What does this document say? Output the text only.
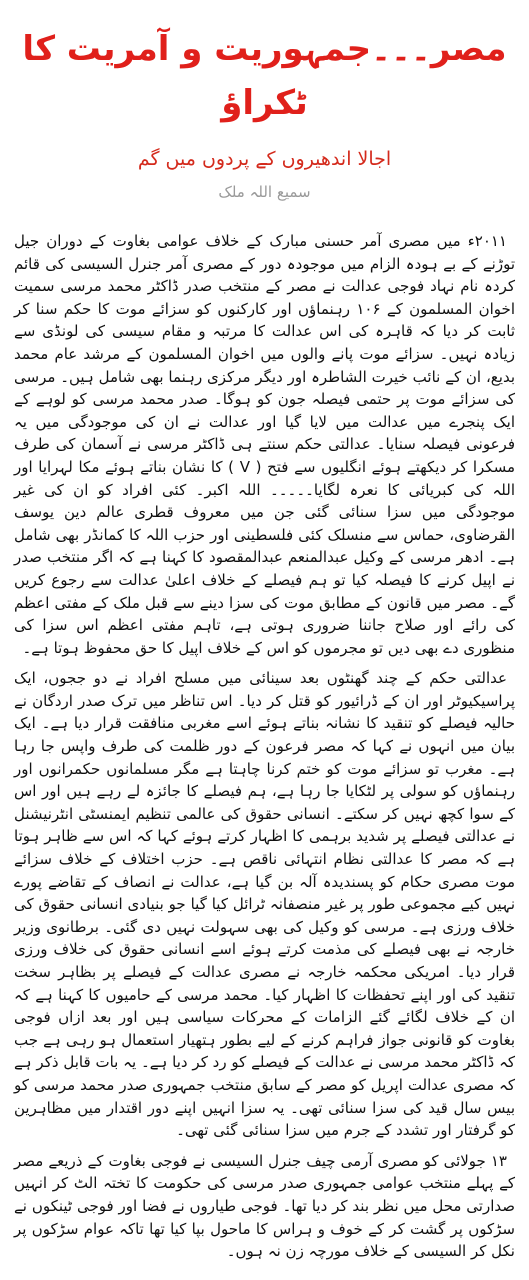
مصر۔۔۔جمہوریت و آمریت کا ٹکراؤ
اجالا اندھیروں کے پردوں میں گم
سمیع اللہ ملک

۲۰۱۱ء میں مصری آمر حسنی مبارک کے خلاف عوامی بغاوت کے دوران جیل توڑنے کے بے ہودہ الزام میں موجودہ دور کے مصری آمر جنرل السیسی کی قائم کردہ نام نہاد فوجی عدالت نے مصر کے منتخب صدر ڈاکٹر محمد مرسی سمیت اخوان المسلمون کے ۱۰۶ رہنماؤں اور کارکنوں کو سزائے موت کا حکم سنا کر ثابت کر دیا کہ قاہرہ کی اس عدالت کا مرتبہ و مقام سیسی کی لونڈی سے زیادہ نہیں۔ سزائے موت پانے والوں میں اخوان المسلمون کے مرشد عام محمد بدیع، ان کے نائب خیرت الشاطرہ اور دیگر مرکزی رہنما بھی شامل ہیں۔ مرسی کی سزائے موت پر حتمی فیصلہ جون کو ہوگا۔ صدر محمد مرسی کو لوہے کے ایک پنجرے میں عدالت میں لایا گیا اور عدالت نے ان کی موجودگی میں یہ فرعونی فیصلہ سنایا۔ عدالتی حکم سنتے ہی ڈاکٹر مرسی نے آسمان کی طرف مسکرا کر دیکھتے ہوئے انگلیوں سے فتح ( V ) کا نشان بناتے ہوئے مکا لہرایا اور اللہ کی کبریائی کا نعرہ لگایا۔۔۔۔۔ اللہ اکبر۔ کئی افراد کو ان کی غیر موجودگی میں سزا سنائی گئی جن میں معروف قطری عالم دین یوسف القرضاوی، حماس سے منسلک کئی فلسطینی اور حزب اللہ کا کمانڈر بھی شامل ہے۔ ادھر مرسی کے وکیل عبدالمنعم عبدالمقصود کا کہنا ہے کہ اگر منتخب صدر نے اپیل کرنے کا فیصلہ کیا تو ہم فیصلے کے خلاف اعلیٰ عدالت سے رجوع کریں گے۔ مصر میں قانون کے مطابق موت کی سزا دینے سے قبل ملک کے مفتی اعظم کی رائے اور صلاح جاننا ضروری ہوتی ہے، تاہم مفتی اعظم اس سزا کی منظوری دے بھی دیں تو مجرموں کو اس کے خلاف اپیل کا حق محفوظ ہوتا ہے۔

عدالتی حکم کے چند گھنٹوں بعد سینائی میں مسلح افراد نے دو ججوں، ایک پراسیکیوٹر اور ان کے ڈرائیور کو قتل کر دیا۔ اس تناظر میں ترک صدر اردگان نے حالیہ فیصلے کو تنقید کا نشانہ بناتے ہوئے اسے مغربی منافقت قرار دیا ہے۔ ایک بیان میں انہوں نے کہا کہ مصر فرعون کے دور ظلمت کی طرف واپس جا رہا ہے۔ مغرب تو سزائے موت کو ختم کرنا چاہتا ہے مگر مسلمانوں حکمرانوں اور رہنماؤں کو سولی پر لٹکایا جا رہا ہے، ہم فیصلے کا جائزہ لے رہے ہیں اور اس کے سوا کچھ نہیں کر سکتے۔ انسانی حقوق کی عالمی تنظیم ایمنسٹی انٹرنیشنل نے عدالتی فیصلے پر شدید برہمی کا اظہار کرتے ہوئے کہا کہ اس سے ظاہر ہوتا ہے کہ مصر کا عدالتی نظام انتہائی ناقص ہے۔ حزب اختلاف کے خلاف سزائے موت مصری حکام کو پسندیدہ آلہ بن گیا ہے، عدالت نے انصاف کے تقاضے پورے نہیں کیے مجموعی طور پر غیر منصفانہ ٹرائل کیا گیا جو بنیادی انسانی حقوق کی خلاف ورزی ہے۔ مرسی کو وکیل کی بھی سہولت نہیں دی گئی۔ برطانوی وزیر خارجہ نے بھی فیصلے کی مذمت کرتے ہوئے اسے انسانی حقوق کی خلاف ورزی قرار دیا۔ امریکی محکمہ خارجہ نے مصری عدالت کے فیصلے پر بظاہر سخت تنقید کی اور اپنے تحفظات کا اظہار کیا۔ محمد مرسی کے حامیوں کا کہنا ہے کہ ان کے خلاف لگائے گئے الزامات کے محرکات سیاسی ہیں اور بعد ازاں فوجی بغاوت کو قانونی جواز فراہم کرنے کے لیے بطور ہتھیار استعمال ہو رہی ہے جب کہ ڈاکٹر محمد مرسی نے عدالت کے فیصلے کو رد کر دیا ہے۔ یہ بات قابل ذکر ہے کہ مصری عدالت اپریل کو مصر کے سابق منتخب جمہوری صدر محمد مرسی کو بیس سال قید کی سزا سنائی تھی۔ یہ سزا انہیں اپنے دور اقتدار میں مظاہرین کو گرفتار اور تشدد کے جرم میں سزا سنائی گئی تھی۔

۱۳ جولائی کو مصری آرمی چیف جنرل السیسی نے فوجی بغاوت کے ذریعے مصر کے پہلے منتخب عوامی جمہوری صدر مرسی کی حکومت کا تختہ الٹ کر انہیں صدارتی محل میں نظر بند کر دیا تھا۔ فوجی طیاروں نے فضا اور فوجی ٹینکوں نے سڑکوں پر گشت کر کے خوف و ہراس کا ماحول بپا کیا تھا تاکہ عوام سڑکوں پر نکل کر السیسی کے خلاف مورچہ زن نہ ہوں۔
